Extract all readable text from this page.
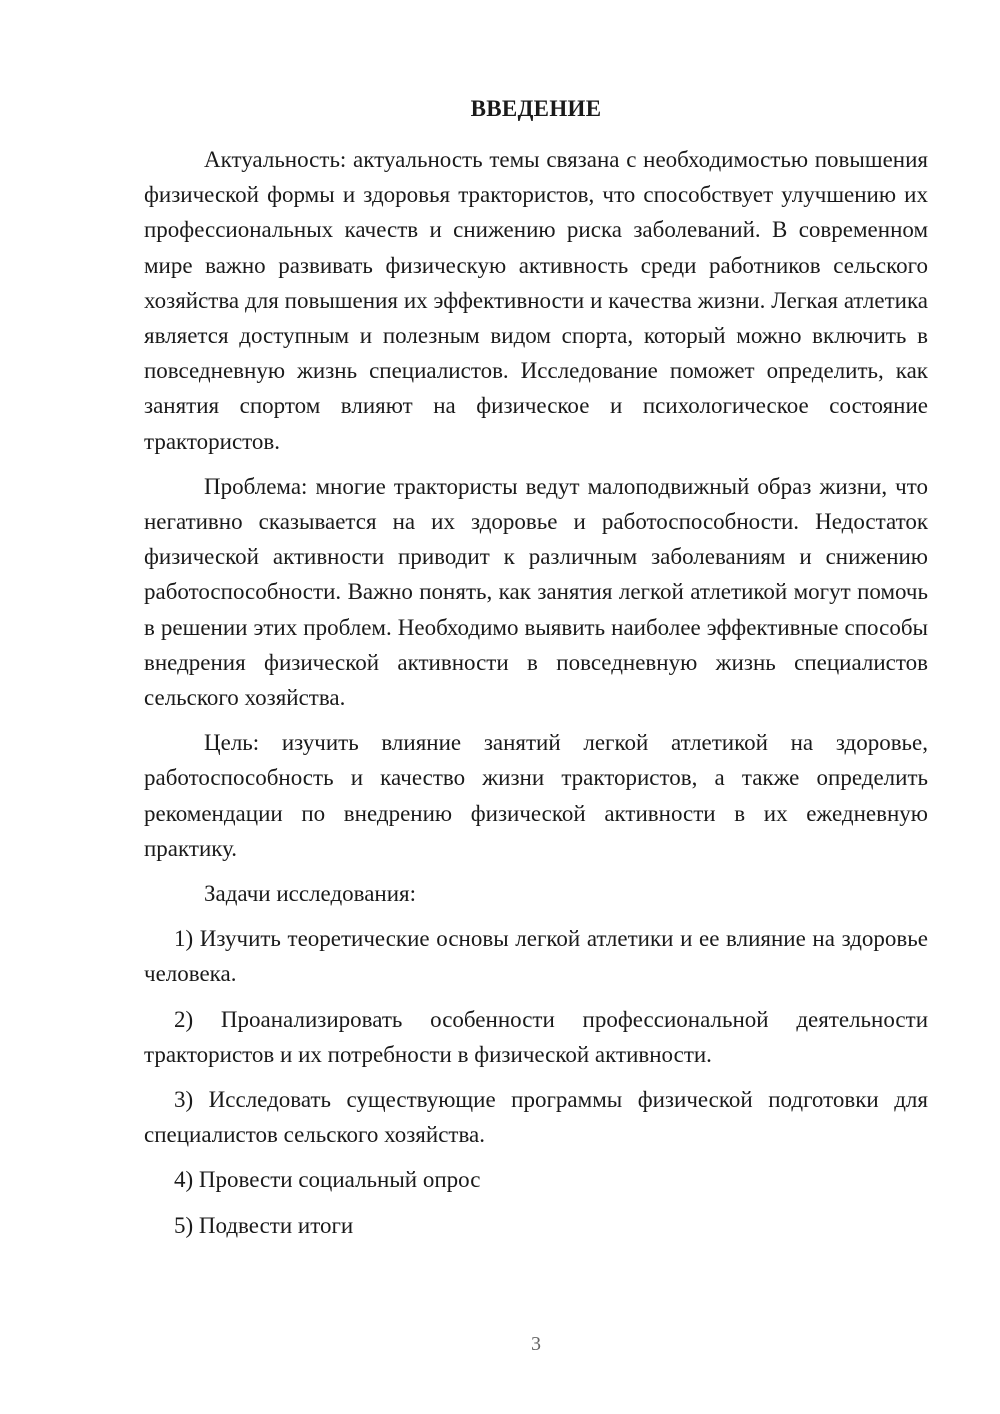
ВВЕДЕНИЕ

Актуальность: актуальность темы связана с необходимостью повышения физической формы и здоровья трактористов, что способствует улучшению их профессиональных качеств и снижению риска заболеваний. В современном мире важно развивать физическую активность среди работников сельского хозяйства для повышения их эффективности и качества жизни. Легкая атлетика является доступным и полезным видом спорта, который можно включить в повседневную жизнь специалистов. Исследование поможет определить, как занятия спортом влияют на физическое и психологическое состояние трактористов.

Проблема: многие трактористы ведут малоподвижный образ жизни, что негативно сказывается на их здоровье и работоспособности. Недостаток физической активности приводит к различным заболеваниям и снижению работоспособности. Важно понять, как занятия легкой атлетикой могут помочь в решении этих проблем. Необходимо выявить наиболее эффективные способы внедрения физической активности в повседневную жизнь специалистов сельского хозяйства.

Цель: изучить влияние занятий легкой атлетикой на здоровье, работоспособность и качество жизни трактористов, а также определить рекомендации по внедрению физической активности в их ежедневную практику.

Задачи исследования:

1) Изучить теоретические основы легкой атлетики и ее влияние на здоровье человека.

2) Проанализировать особенности профессиональной деятельности трактористов и их потребности в физической активности.

3) Исследовать существующие программы физической подготовки для специалистов сельского хозяйства.

4) Провести социальный опрос

5) Подвести итоги

3
